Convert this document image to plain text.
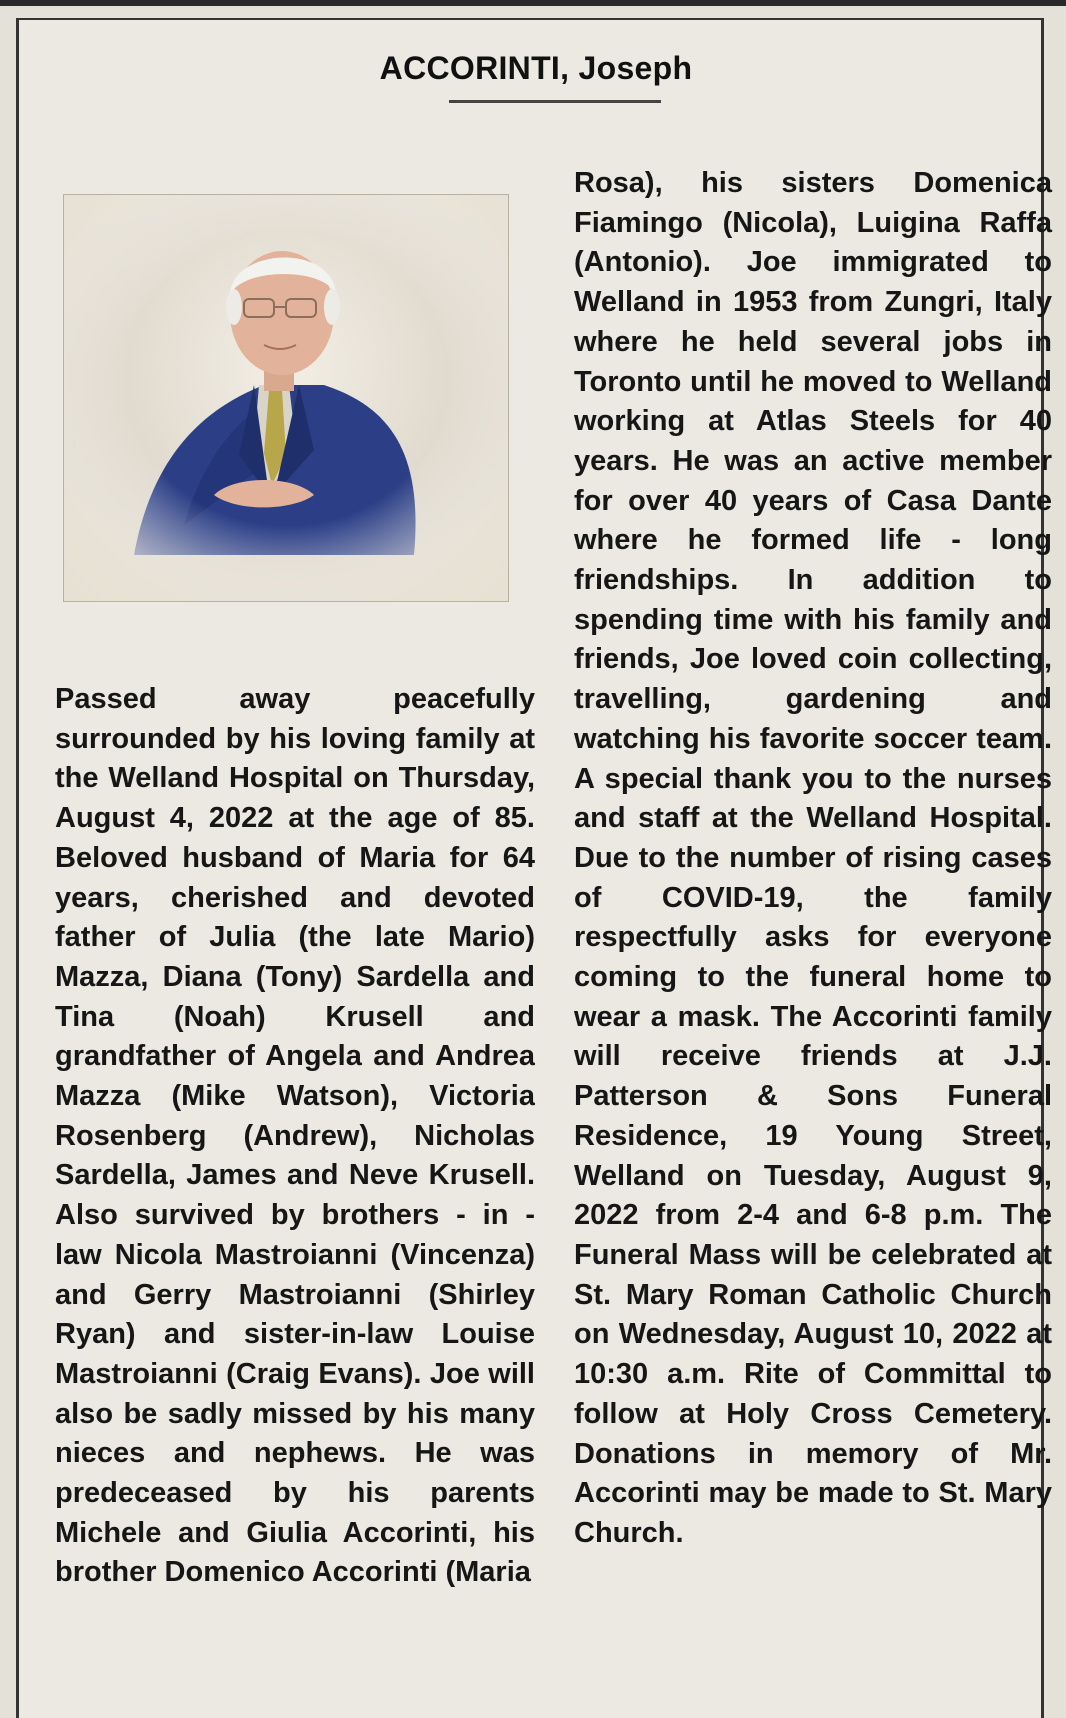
ACCORINTI, Joseph

Passed away peacefully surrounded by his loving family at the Welland Hospital on Thursday, August 4, 2022 at the age of 85. Beloved husband of Maria for 64 years, cherished and devoted father of Julia (the late Mario) Mazza, Diana (Tony) Sardella and Tina (Noah) Krusell and grandfather of Angela and Andrea Mazza (Mike Watson), Victoria Rosenberg (Andrew), Nicholas Sardella, James and Neve Krusell. Also survived by brothers - in - law Nicola Mastroianni (Vincenza) and Gerry Mastroianni (Shirley Ryan) and sister-in-law Louise Mastroianni (Craig Evans). Joe will also be sadly missed by his many nieces and nephews. He was predeceased by his parents Michele and Giulia Accorinti, his brother Domenico Accorinti (Maria

Rosa), his sisters Domenica Fiamingo (Nicola), Luigina Raffa (Antonio). Joe immigrated to Welland in 1953 from Zungri, Italy where he held several jobs in Toronto until he moved to Welland working at Atlas Steels for 40 years. He was an active member for over 40 years of Casa Dante where he formed life - long friendships. In addition to spending time with his family and friends, Joe loved coin collecting, travelling, gardening and watching his favorite soccer team. A special thank you to the nurses and staff at the Welland Hospital. Due to the number of rising cases of COVID-19, the family respectfully asks for everyone coming to the funeral home to wear a mask. The Accorinti family will receive friends at J.J. Patterson & Sons Funeral Residence, 19 Young Street, Welland on Tuesday, August 9, 2022 from 2-4 and 6-8 p.m. The Funeral Mass will be celebrated at St. Mary Roman Catholic Church on Wednesday, August 10, 2022 at 10:30 a.m. Rite of Committal to follow at Holy Cross Cemetery. Donations in memory of Mr. Accorinti may be made to St. Mary Church.
